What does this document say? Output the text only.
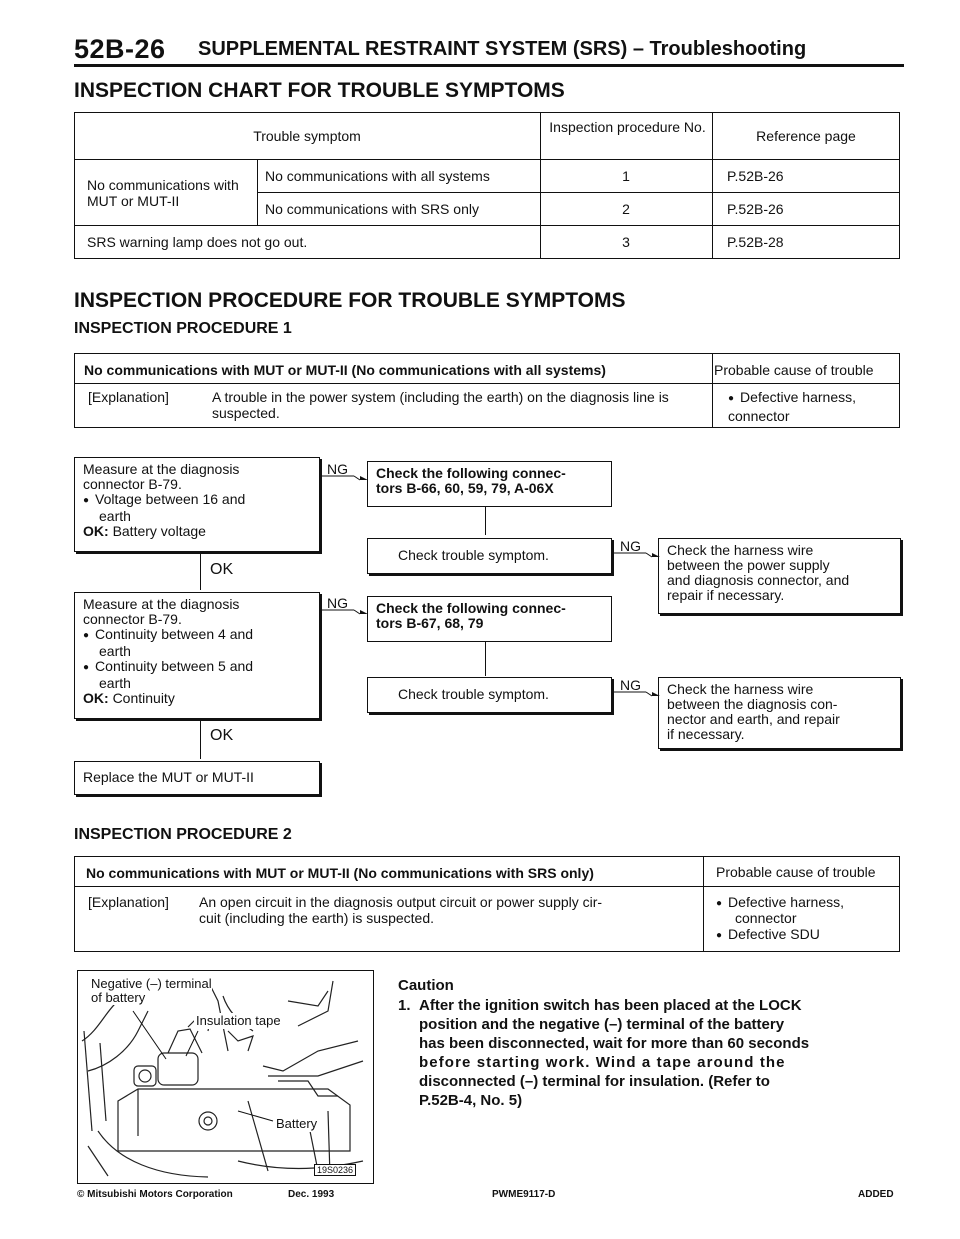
52B-26 SUPPLEMENTAL RESTRAINT SYSTEM (SRS) – Troubleshooting
INSPECTION CHART FOR TROUBLE SYMPTOMS
Trouble symptom
Inspection procedure No.
Reference page
No communications with MUT or MUT-II
No communications with all systems	1	P.52B-26
No communications with SRS only	2	P.52B-26
SRS warning lamp does not go out.	3	P.52B-28
INSPECTION PROCEDURE FOR TROUBLE SYMPTOMS
INSPECTION PROCEDURE 1
No communications with MUT or MUT-II (No communications with all systems)	Probable cause of trouble
[Explanation]	A trouble in the power system (including the earth) on the diagnosis line is suspected.
● Defective harness, connector
Measure at the diagnosis
connector B-79.
● Voltage between 16 and
earth
OK: Battery voltage
OK
Measure at the diagnosis
connector B-79.
● Continuity between 4 and
earth
● Continuity between 5 and
earth
OK: Continuity
OK
Replace the MUT or MUT-II
NG Check the following connec-
tors B-66, 60, 59, 79, A-06X
Check trouble symptom.
NG Check the harness wire
between the power supply
and diagnosis connector, and
repair if necessary.
NG Check the following connec-
tors B-67, 68, 79
Check trouble symptom.
NG Check the harness wire
between the diagnosis con-
nector and earth, and repair
if necessary.
INSPECTION PROCEDURE 2
No communications with MUT or MUT-II (No communications with SRS only)	Probable cause of trouble
[Explanation] An open circuit in the diagnosis output circuit or power supply cir-
cuit (including the earth) is suspected.
● Defective harness,
connector
● Defective SDU
Negative (–) terminal
of battery
Insulation tape
Battery
19S0236
Caution
1. After the ignition switch has been placed at the LOCK
position and the negative (–) terminal of the battery
has been disconnected, wait for more than 60 seconds
before starting work. Wind a tape around the
disconnected (–) terminal for insulation. (Refer to
P.52B-4, No. 5)
© Mitsubishi Motors Corporation	Dec. 1993	PWME9117-D	ADDED
